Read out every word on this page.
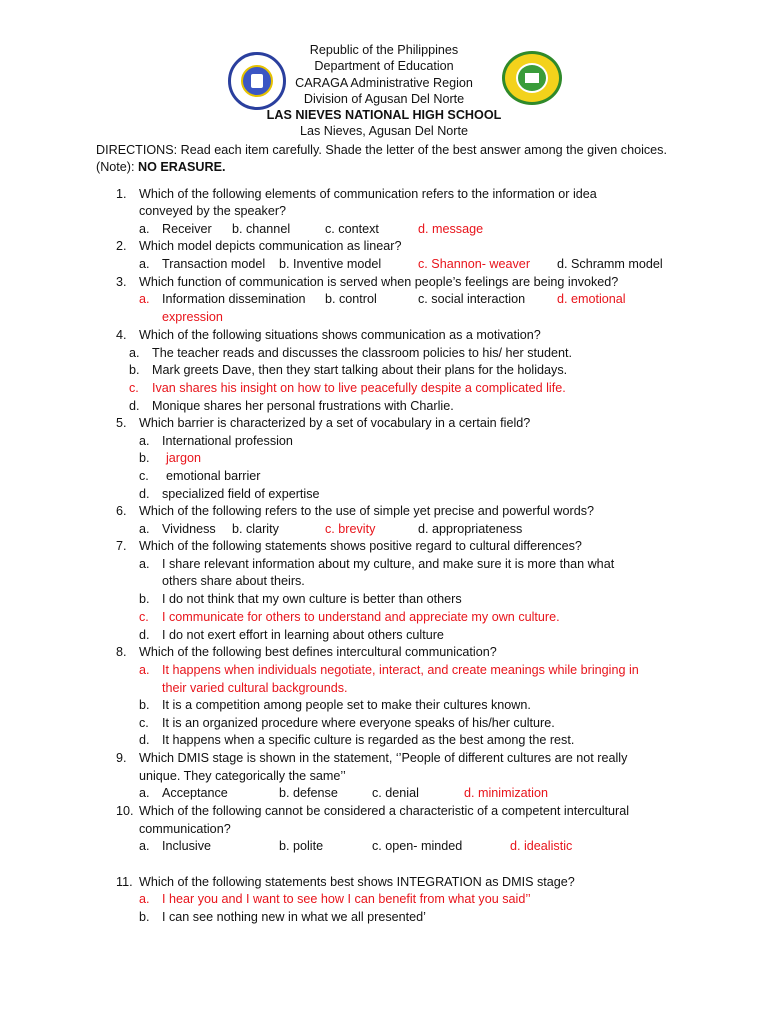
Republic of the Philippines
Department of Education
CARAGA Administrative Region
Division of Agusan Del Norte
LAS NIEVES NATIONAL HIGH SCHOOL
Las Nieves, Agusan Del Norte
DIRECTIONS: Read each item carefully. Shade the letter of the best answer among the given choices.
(Note): NO ERASURE.
1. Which of the following elements of communication refers to the information or idea
conveyed by the speaker?
a. Receiver b. channel	c. context	d. message
2. Which model depicts communication as linear?
a. Transaction model b. Inventive model	c. Shannon- weaver d. Schramm model
3. Which function of communication is served when people’s feelings are being invoked?
a. Information dissemination b. control	c. social interaction	d. emotional
expression
4. Which of the following situations shows communication as a motivation?
a. The teacher reads and discusses the classroom policies to his/ her student.
b. Mark greets Dave, then they start talking about their plans for the holidays.
c. Ivan shares his insight on how to live peacefully despite a complicated life.
d. Monique shares her personal frustrations with Charlie.
5. Which barrier is characterized by a set of vocabulary in a certain field?
a. International profession
b. jargon
c. emotional barrier
d. specialized field of expertise
6. Which of the following refers to the use of simple yet precise and powerful words?
a. Vividness b. clarity	c. brevity	d. appropriateness
7. Which of the following statements shows positive regard to cultural differences?
a. I share relevant information about my culture, and make sure it is more than what
others share about theirs.
b. I do not think that my own culture is better than others
c. I communicate for others to understand and appreciate my own culture.
d. I do not exert effort in learning about others culture
8. Which of the following best defines intercultural communication?
a. It happens when individuals negotiate, interact, and create meanings while bringing in
their varied cultural backgrounds.
b. It is a competition among people set to make their cultures known.
c. It is an organized procedure where everyone speaks of his/her culture.
d. It happens when a specific culture is regarded as the best among the rest.
9. Which DMIS stage is shown in the statement, ‘’People of different cultures are not really
unique. They categorically the same’’
a. Acceptance	b. defense	c. denial	d. minimization
10. Which of the following cannot be considered a characteristic of a competent intercultural
communication?
a. Inclusive	b. polite	c. open- minded	d. idealistic
11. Which of the following statements best shows INTEGRATION as DMIS stage?
a. I hear you and I want to see how I can benefit from what you said’’
b. I can see nothing new in what we all presented’
